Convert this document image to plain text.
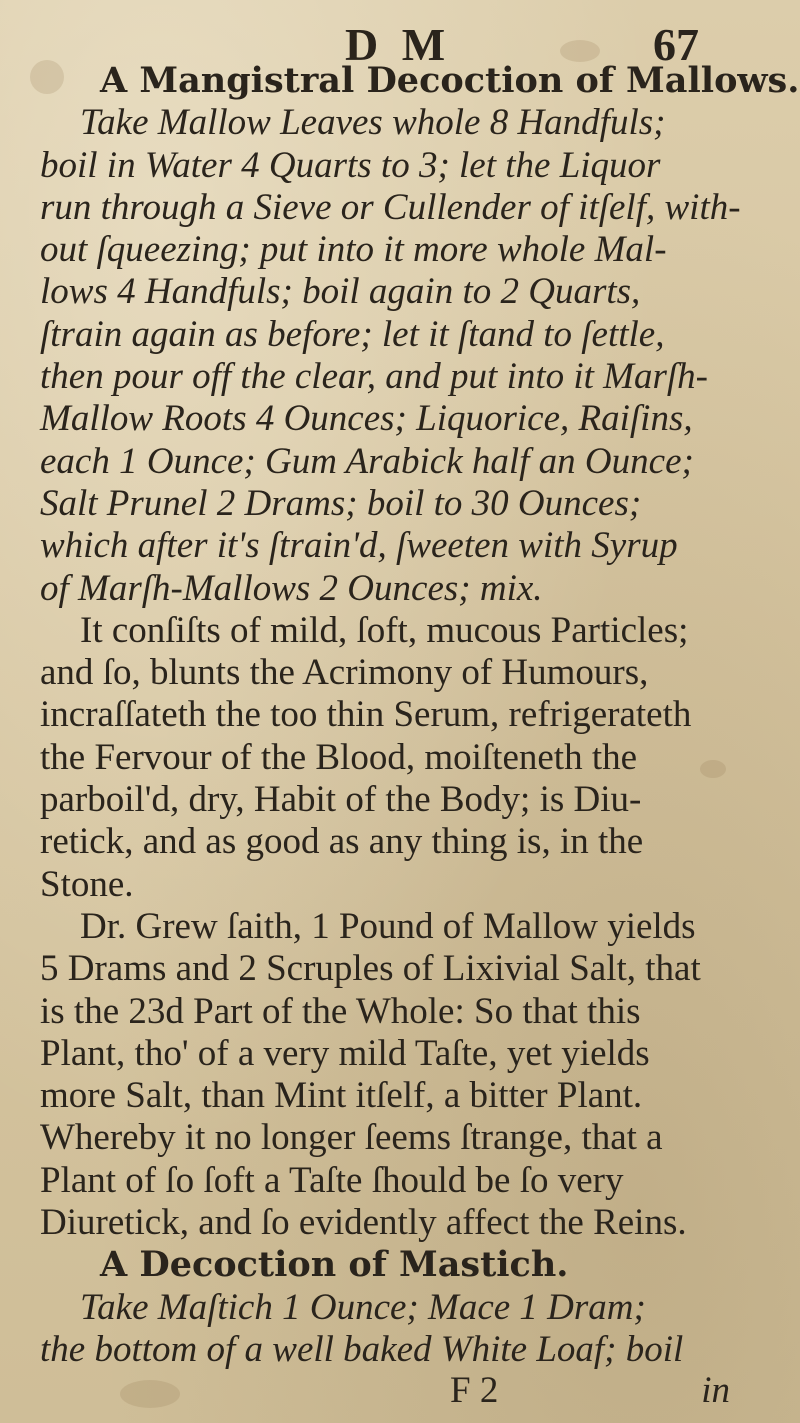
D M	67
A Mangistral Decoction of Mallows.
Take Mallow Leaves whole 8 Handfuls;
boil in Water 4 Quarts to 3; let the Liquor
run through a Sieve or Cullender of itſelf, with-
out ſqueezing; put into it more whole Mal-
lows 4 Handfuls; boil again to 2 Quarts,
ſtrain again as before; let it ſtand to ſettle,
then pour off the clear, and put into it Marſh-
Mallow Roots 4 Ounces; Liquorice, Raiſins,
each 1 Ounce; Gum Arabick half an Ounce;
Salt Prunel 2 Drams; boil to 30 Ounces;
which after it's ſtrain'd, ſweeten with Syrup
of Marſh-Mallows 2 Ounces; mix.
It conſiſts of mild, ſoft, mucous Particles;
and ſo, blunts the Acrimony of Humours,
incraſſateth the too thin Serum, refrigerateth
the Fervour of the Blood, moiſteneth the
parboil'd, dry, Habit of the Body; is Diu-
retick, and as good as any thing is, in the
Stone.
Dr. Grew ſaith, 1 Pound of Mallow yields
5 Drams and 2 Scruples of Lixivial Salt, that
is the 23d Part of the Whole: So that this
Plant, tho' of a very mild Taſte, yet yields
more Salt, than Mint itſelf, a bitter Plant.
Whereby it no longer ſeems ſtrange, that a
Plant of ſo ſoft a Taſte ſhould be ſo very
Diuretick, and ſo evidently affect the Reins.
A Decoction of Mastich.
Take Maſtich 1 Ounce; Mace 1 Dram;
the bottom of a well baked White Loaf; boil
F 2	in
